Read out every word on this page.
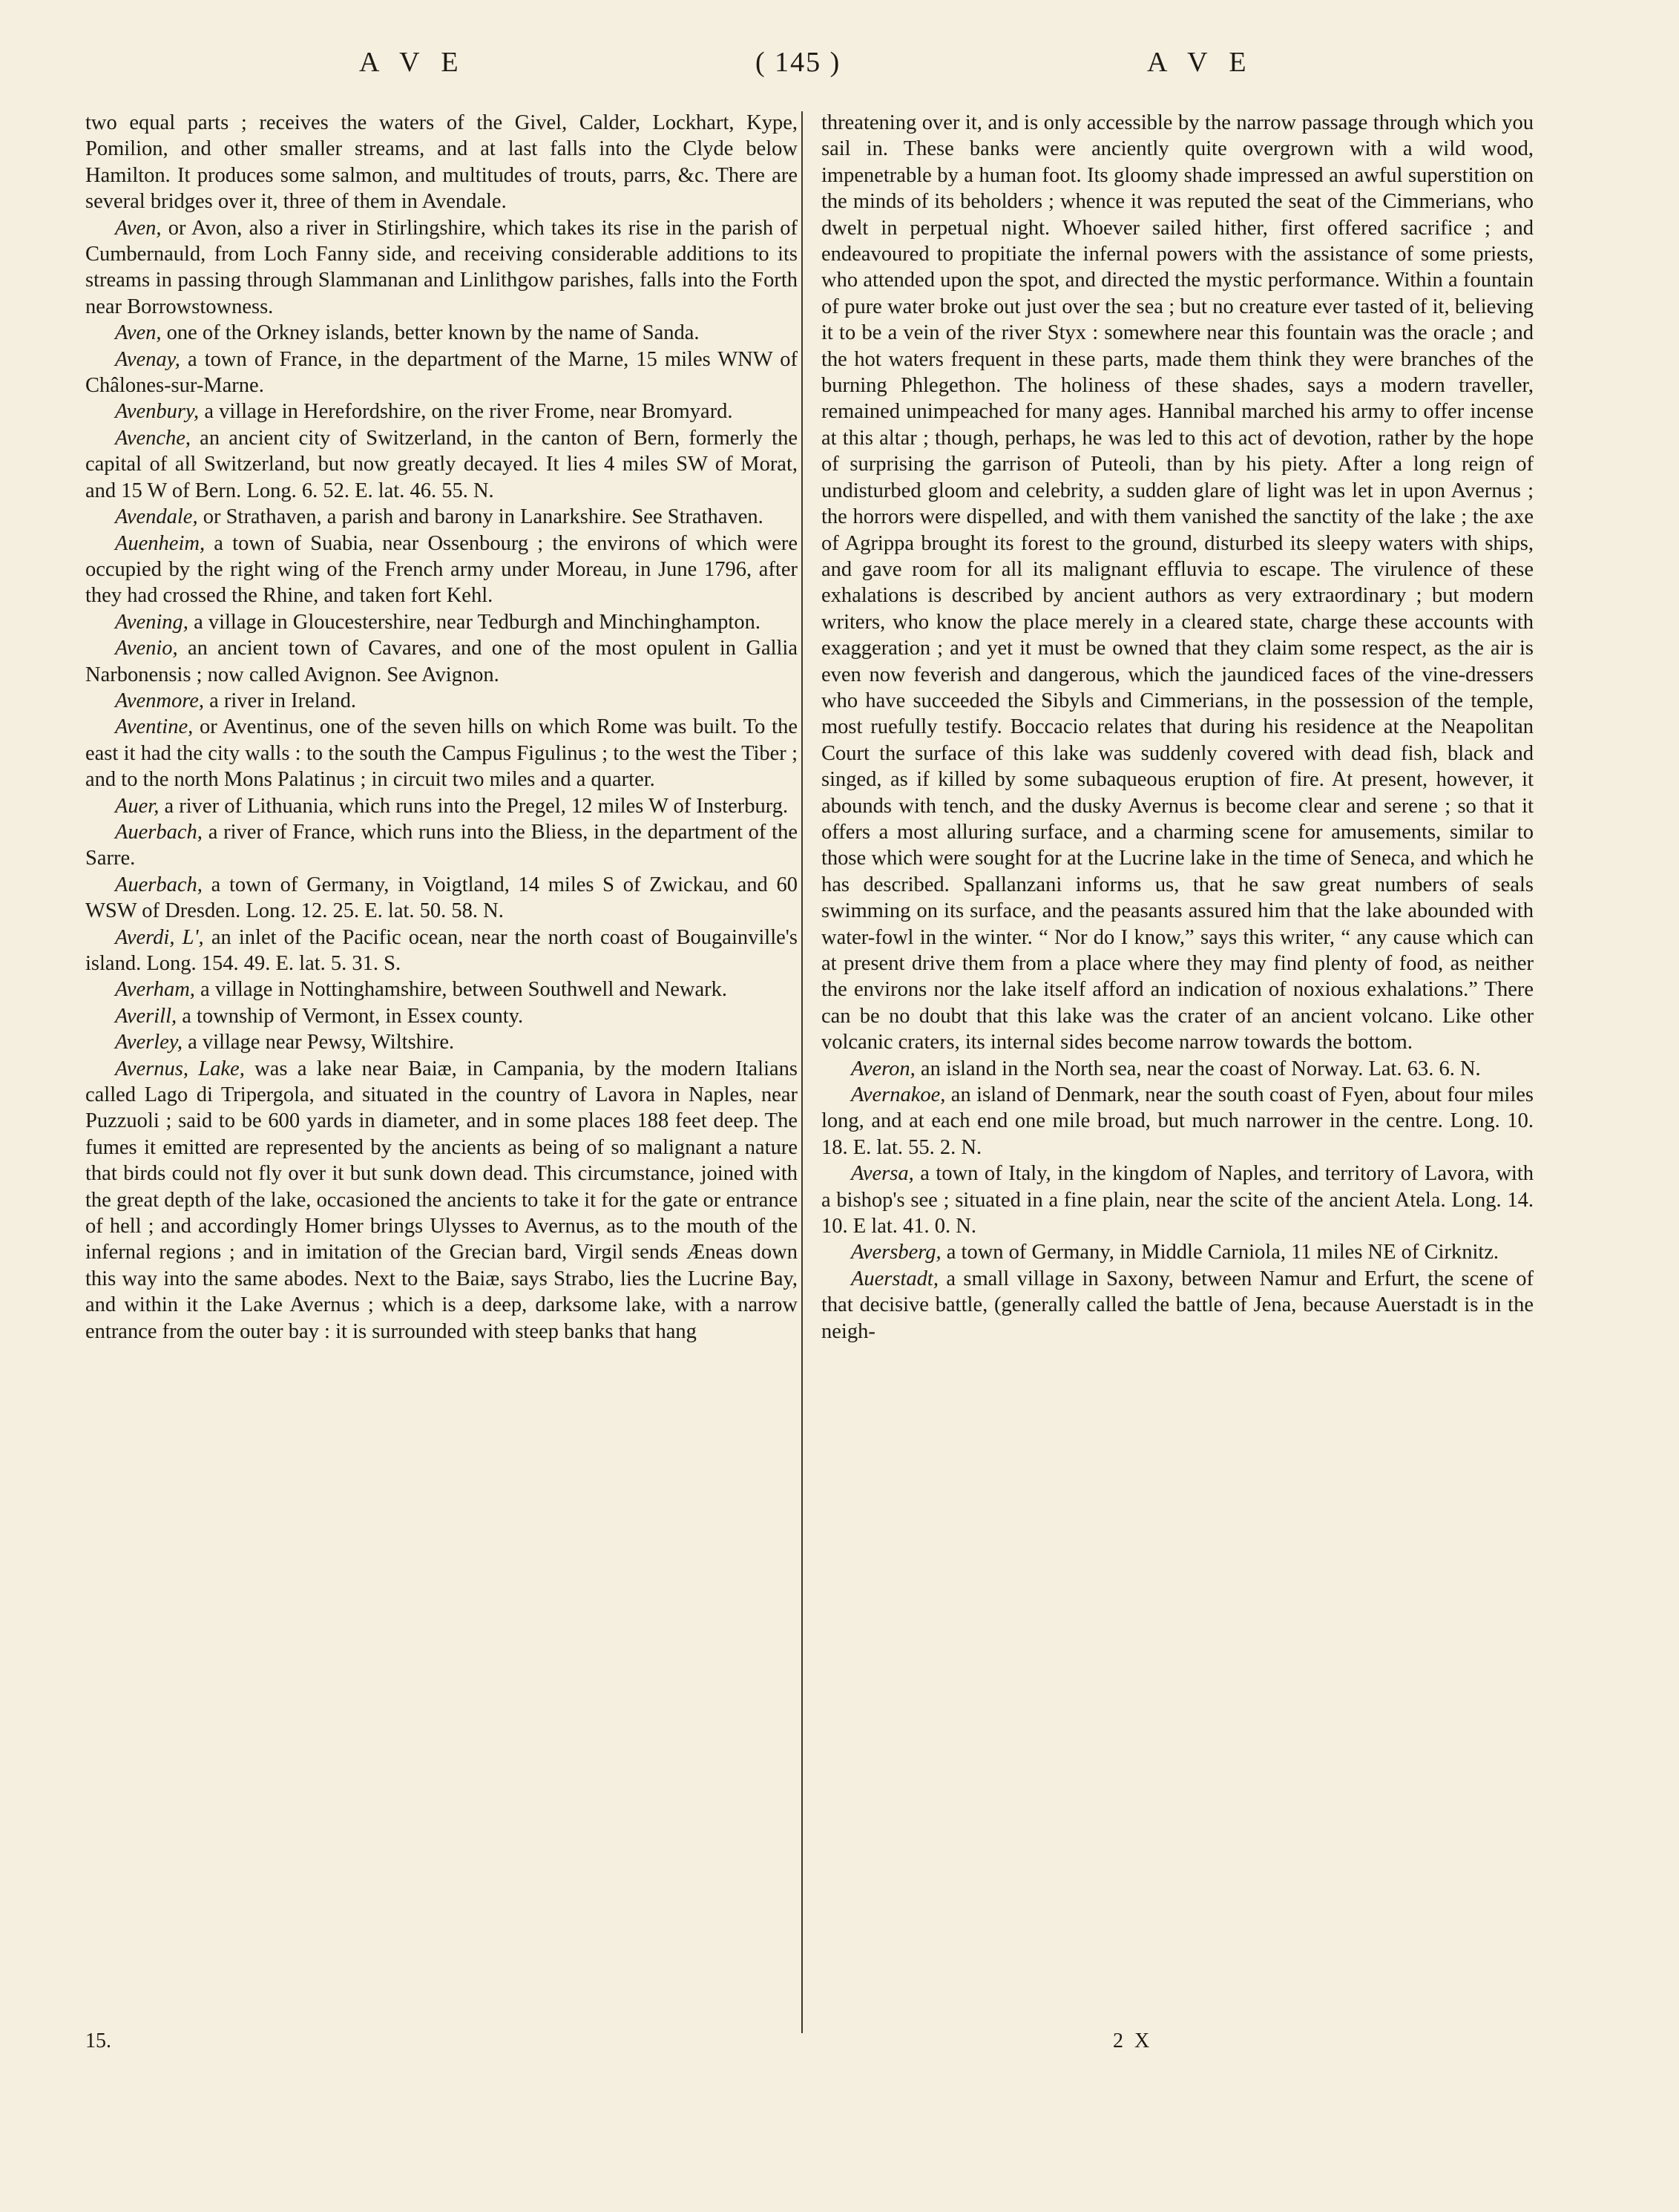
A V E	( 145 )	A V E

two equal parts ; receives the waters of the Givel, Calder, Lockhart, Kype, Pomilion, and other smaller streams, and at last falls into the Clyde below Hamilton. It produces some salmon, and multitudes of trouts, parrs, &c. There are several bridges over it, three of them in Avendale.

Aven, or Avon, also a river in Stirlingshire, which takes its rise in the parish of Cumbernauld, from Loch Fanny side, and receiving considerable additions to its streams in passing through Slammanan and Linlithgow parishes, falls into the Forth near Borrowstowness.

Aven, one of the Orkney islands, better known by the name of Sanda.

Avenay, a town of France, in the department of the Marne, 15 miles WNW of Châlones-sur-Marne.

Avenbury, a village in Herefordshire, on the river Frome, near Bromyard.

Avenche, an ancient city of Switzerland, in the canton of Bern, formerly the capital of all Switzerland, but now greatly decayed. It lies 4 miles SW of Morat, and 15 W of Bern. Long. 6. 52. E. lat. 46. 55. N.

Avendale, or Strathaven, a parish and barony in Lanarkshire. See Strathaven.

Auenheim, a town of Suabia, near Ossenbourg ; the environs of which were occupied by the right wing of the French army under Moreau, in June 1796, after they had crossed the Rhine, and taken fort Kehl.

Avening, a village in Gloucestershire, near Tedburgh and Minchinghampton.

Avenio, an ancient town of Cavares, and one of the most opulent in Gallia Narbonensis ; now called Avignon. See Avignon.

Avenmore, a river in Ireland.

Aventine, or Aventinus, one of the seven hills on which Rome was built. To the east it had the city walls : to the south the Campus Figulinus ; to the west the Tiber ; and to the north Mons Palatinus ; in circuit two miles and a quarter.

Auer, a river of Lithuania, which runs into the Pregel, 12 miles W of Insterburg.

Auerbach, a river of France, which runs into the Bliess, in the department of the Sarre.

Auerbach, a town of Germany, in Voigtland, 14 miles S of Zwickau, and 60 WSW of Dresden. Long. 12. 25. E. lat. 50. 58. N.

Averdi, L', an inlet of the Pacific ocean, near the north coast of Bougainville's island. Long. 154. 49. E. lat. 5. 31. S.

Averham, a village in Nottinghamshire, between Southwell and Newark.

Averill, a township of Vermont, in Essex county.

Averley, a village near Pewsy, Wiltshire.

Avernus, Lake, was a lake near Baiæ, in Campania, by the modern Italians called Lago di Tripergola, and situated in the country of Lavora in Naples, near Puzzuoli ; said to be 600 yards in diameter, and in some places 188 feet deep. The fumes it emitted are represented by the ancients as being of so malignant a nature that birds could not fly over it but sunk down dead. This circumstance, joined with the great depth of the lake, occasioned the ancients to take it for the gate or entrance of hell ; and accordingly Homer brings Ulysses to Avernus, as to the mouth of the infernal regions ; and in imitation of the Grecian bard, Virgil sends Æneas down this way into the same abodes. Next to the Baiæ, says Strabo, lies the Lucrine Bay, and within it the Lake Avernus ; which is a deep, darksome lake, with a narrow entrance from the outer bay : it is surrounded with steep banks that hang

threatening over it, and is only accessible by the narrow passage through which you sail in. These banks were anciently quite overgrown with a wild wood, impenetrable by a human foot. Its gloomy shade impressed an awful superstition on the minds of its beholders ; whence it was reputed the seat of the Cimmerians, who dwelt in perpetual night. Whoever sailed hither, first offered sacrifice ; and endeavoured to propitiate the infernal powers with the assistance of some priests, who attended upon the spot, and directed the mystic performance. Within a fountain of pure water broke out just over the sea ; but no creature ever tasted of it, believing it to be a vein of the river Styx : somewhere near this fountain was the oracle ; and the hot waters frequent in these parts, made them think they were branches of the burning Phlegethon. The holiness of these shades, says a modern traveller, remained unimpeached for many ages. Hannibal marched his army to offer incense at this altar ; though, perhaps, he was led to this act of devotion, rather by the hope of surprising the garrison of Puteoli, than by his piety. After a long reign of undisturbed gloom and celebrity, a sudden glare of light was let in upon Avernus ; the horrors were dispelled, and with them vanished the sanctity of the lake ; the axe of Agrippa brought its forest to the ground, disturbed its sleepy waters with ships, and gave room for all its malignant effluvia to escape. The virulence of these exhalations is described by ancient authors as very extraordinary ; but modern writers, who know the place merely in a cleared state, charge these accounts with exaggeration ; and yet it must be owned that they claim some respect, as the air is even now feverish and dangerous, which the jaundiced faces of the vine-dressers who have succeeded the Sibyls and Cimmerians, in the possession of the temple, most ruefully testify. Boccacio relates that during his residence at the Neapolitan Court the surface of this lake was suddenly covered with dead fish, black and singed, as if killed by some subaqueous eruption of fire. At present, however, it abounds with tench, and the dusky Avernus is become clear and serene ; so that it offers a most alluring surface, and a charming scene for amusements, similar to those which were sought for at the Lucrine lake in the time of Seneca, and which he has described. Spallanzani informs us, that he saw great numbers of seals swimming on its surface, and the peasants assured him that the lake abounded with water-fowl in the winter. “ Nor do I know,” says this writer, “ any cause which can at present drive them from a place where they may find plenty of food, as neither the environs nor the lake itself afford an indication of noxious exhalations.” There can be no doubt that this lake was the crater of an ancient volcano. Like other volcanic craters, its internal sides become narrow towards the bottom.

Averon, an island in the North sea, near the coast of Norway. Lat. 63. 6. N.

Avernakoe, an island of Denmark, near the south coast of Fyen, about four miles long, and at each end one mile broad, but much narrower in the centre. Long. 10. 18. E. lat. 55. 2. N.

Aversa, a town of Italy, in the kingdom of Naples, and territory of Lavora, with a bishop's see ; situated in a fine plain, near the scite of the ancient Atela. Long. 14. 10. E lat. 41. 0. N.

Aversberg, a town of Germany, in Middle Carniola, 11 miles NE of Cirknitz.

Auerstadt, a small village in Saxony, between Namur and Erfurt, the scene of that decisive battle, (generally called the battle of Jena, because Auerstadt is in the neigh-

15.	2 X
